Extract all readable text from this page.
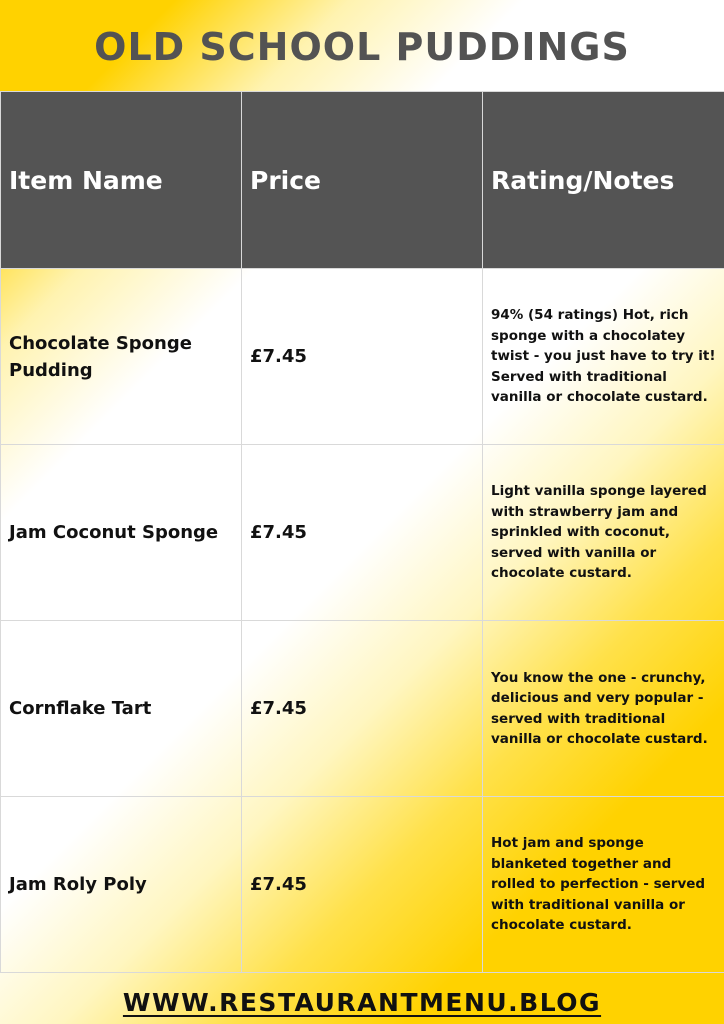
OLD SCHOOL PUDDINGS
Item Name	Price	Rating/Notes
Chocolate Sponge Pudding	£7.45	94% (54 ratings) Hot, rich sponge with a chocolatey twist - you just have to try it! Served with traditional vanilla or chocolate custard.
Jam Coconut Sponge	£7.45	Light vanilla sponge layered with strawberry jam and sprinkled with coconut, served with vanilla or chocolate custard.
Cornflake Tart	£7.45	You know the one - crunchy, delicious and very popular - served with traditional vanilla or chocolate custard.
Jam Roly Poly	£7.45	Hot jam and sponge blanketed together and rolled to perfection - served with traditional vanilla or chocolate custard.
WWW.RESTAURANTMENU.BLOG
